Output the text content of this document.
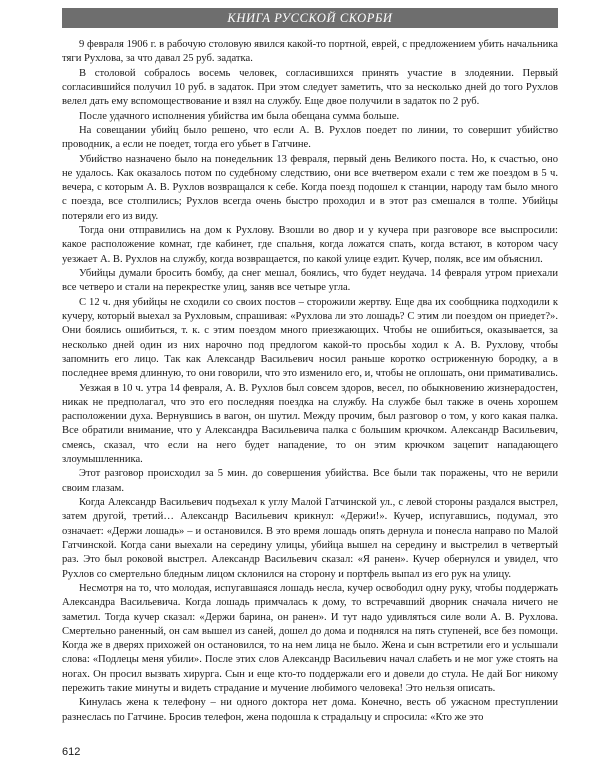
КНИГА РУССКОЙ СКОРБИ

9 февраля 1906 г. в рабочую столовую явился какой-то портной, еврей, с предложением убить начальника тяги Рухлова, за что давал 25 руб. задатка.

В столовой собралось восемь человек, согласившихся принять участие в злодеянии. Первый согласившийся получил 10 руб. в задаток. При этом следует заметить, что за несколько дней до того Рухлов велел дать ему вспомоществование и взял на службу. Еще двое получили в задаток по 2 руб.

После удачного исполнения убийства им была обещана сумма больше.

На совещании убийц было решено, что если А. В. Рухлов поедет по линии, то совершит убийство проводник, а если не поедет, тогда его убьет в Гатчине.

Убийство назначено было на понедельник 13 февраля, первый день Великого поста. Но, к счастью, оно не удалось. Как оказалось потом по судебному следствию, они все вчетвером ехали с тем же поездом в 5 ч. вечера, с которым А. В. Рухлов возвращался к себе. Когда поезд подошел к станции, народу там было много с поезда, все столпились; Рухлов всегда очень быстро проходил и в этот раз смешался в толпе. Убийцы потеряли его из виду.

Тогда они отправились на дом к Рухлову. Взошли во двор и у кучера при разговоре все выспросили: какое расположение комнат, где кабинет, где спальня, когда ложатся спать, когда встают, в котором часу уезжает А. В. Рухлов на службу, когда возвращается, по какой улице ездит. Кучер, поляк, все им объяснил.

Убийцы думали бросить бомбу, да снег мешал, боялись, что будет неудача. 14 февраля утром приехали все четверо и стали на перекрестке улиц, заняв все четыре угла.

С 12 ч. дня убийцы не сходили со своих постов – сторожили жертву. Еще два их сообщника подходили к кучеру, который выехал за Рухловым, спрашивая: «Рухлова ли это лошадь? С этим ли поездом он приедет?». Они боялись ошибиться, т. к. с этим поездом много приезжающих. Чтобы не ошибиться, оказывается, за несколько дней один из них нарочно под предлогом какой-то просьбы ходил к А. В. Рухлову, чтобы запомнить его лицо. Так как Александр Васильевич носил раньше коротко остриженную бородку, а в последнее время длинную, то они говорили, что это изменило его, и, чтобы не оплошать, они примативались.

Уезжая в 10 ч. утра 14 февраля, А. В. Рухлов был совсем здоров, весел, по обыкновению жизнерадостен, никак не предполагал, что это его последняя поездка на службу. На службе был также в очень хорошем расположении духа. Вернувшись в вагон, он шутил. Между прочим, был разговор о том, у кого какая палка. Все обратили внимание, что у Александра Васильевича палка с большим крючком. Александр Васильевич, смеясь, сказал, что если на него будет нападение, то он этим крючком зацепит нападающего злоумышленника.

Этот разговор происходил за 5 мин. до совершения убийства. Все были так поражены, что не верили своим глазам.

Когда Александр Васильевич подъехал к углу Малой Гатчинской ул., с левой стороны раздался выстрел, затем другой, третий… Александр Васильевич крикнул: «Держи!». Кучер, испугавшись, подумал, это означает: «Держи лошадь» – и остановился. В это время лошадь опять дернула и понесла направо по Малой Гатчинской. Когда сани выехали на середину улицы, убийца вышел на середину и выстрелил в четвертый раз. Это был роковой выстрел. Александр Васильевич сказал: «Я ранен». Кучер обернулся и увидел, что Рухлов со смертельно бледным лицом склонился на сторону и портфель выпал из его рук на улицу.

Несмотря на то, что молодая, испугавшаяся лошадь несла, кучер освободил одну руку, чтобы поддержать Александра Васильевича. Когда лошадь примчалась к дому, то встречавший дворник сначала ничего не заметил. Тогда кучер сказал: «Держи барина, он ранен». И тут надо удивляться силе воли А. В. Рухлова. Смертельно раненный, он сам вышел из саней, дошел до дома и поднялся на пять ступеней, все без помощи. Когда же в дверях прихожей он остановился, то на нем лица не было. Жена и сын встретили его и услышали слова: «Подлецы меня убили». После этих слов Александр Васильевич начал слабеть и не мог уже стоять на ногах. Он просил вызвать хирурга. Сын и еще кто-то поддержали его и довели до стула. Не дай Бог никому пережить такие минуты и видеть страдание и мучение любимого человека! Это нельзя описать.

Кинулась жена к телефону – ни одного доктора нет дома. Конечно, весть об ужасном преступлении разнеслась по Гатчине. Бросив телефон, жена подошла к страдальцу и спросила: «Кто же это

612
